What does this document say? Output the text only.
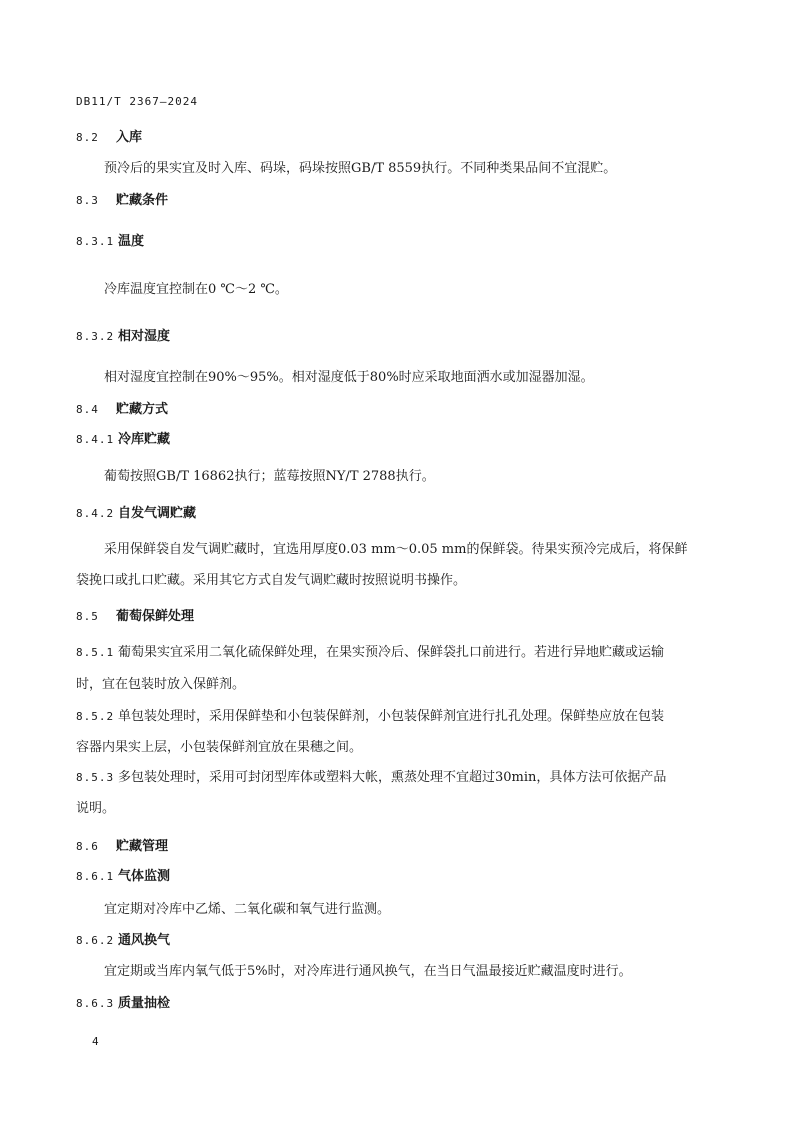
DB11/T 2367—2024
8.2 入库
预冷后的果实宜及时入库、码垛，码垛按照GB/T 8559执行。不同种类果品间不宜混贮。
8.3 贮藏条件
8.3.1 温度
冷库温度宜控制在0 ℃～2 ℃。
8.3.2 相对湿度
相对湿度宜控制在90%～95%。相对湿度低于80%时应采取地面洒水或加湿器加湿。
8.4 贮藏方式
8.4.1 冷库贮藏
葡萄按照GB/T 16862执行；蓝莓按照NY/T 2788执行。
8.4.2 自发气调贮藏
采用保鲜袋自发气调贮藏时，宜选用厚度0.03 mm～0.05 mm的保鲜袋。待果实预冷完成后，将保鲜
袋挽口或扎口贮藏。采用其它方式自发气调贮藏时按照说明书操作。
8.5 葡萄保鲜处理
8.5.1 葡萄果实宜采用二氧化硫保鲜处理，在果实预冷后、保鲜袋扎口前进行。若进行异地贮藏或运输
时，宜在包装时放入保鲜剂。
8.5.2 单包装处理时，采用保鲜垫和小包装保鲜剂，小包装保鲜剂宜进行扎孔处理。保鲜垫应放在包装
容器内果实上层，小包装保鲜剂宜放在果穗之间。
8.5.3 多包装处理时，采用可封闭型库体或塑料大帐，熏蒸处理不宜超过30min，具体方法可依据产品
说明。
8.6 贮藏管理
8.6.1 气体监测
宜定期对冷库中乙烯、二氧化碳和氧气进行监测。
8.6.2 通风换气
宜定期或当库内氧气低于5%时，对冷库进行通风换气，在当日气温最接近贮藏温度时进行。
8.6.3 质量抽检
4
